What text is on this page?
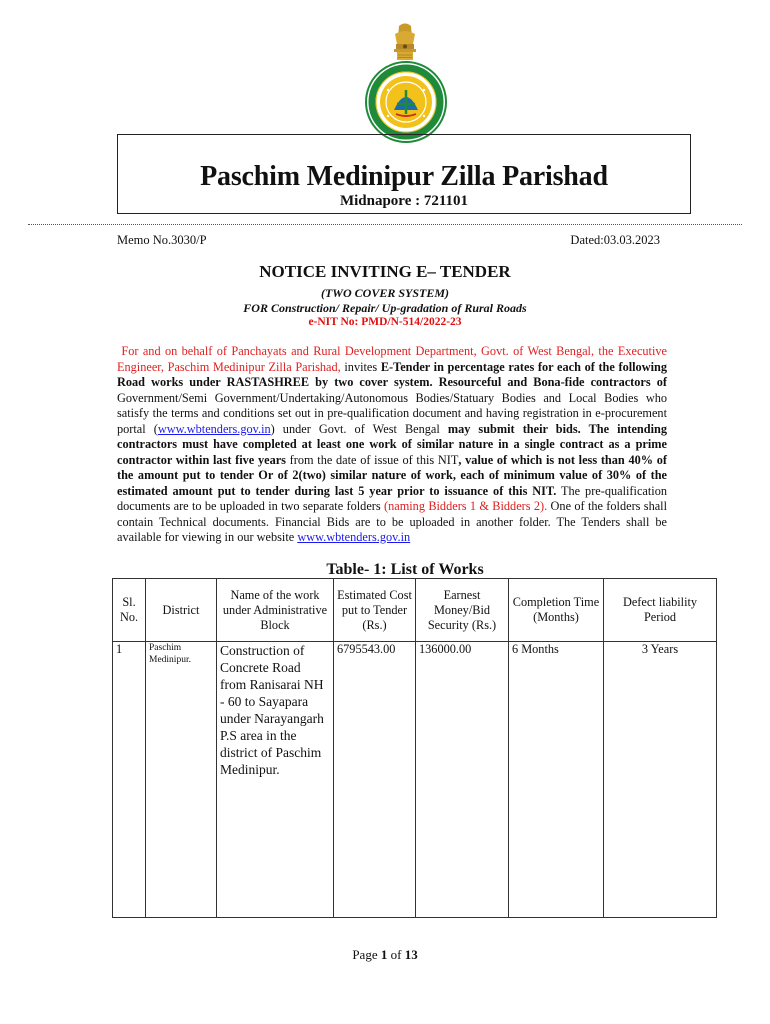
Paschim Medinipur Zilla Parishad
Midnapore : 721101
Memo No.3030/P	Dated:03.03.2023
NOTICE INVITING E– TENDER
(TWO COVER SYSTEM)
FOR Construction/ Repair/ Up-gradation of Rural Roads
e-NIT No: PMD/N-514/2022-23
For and on behalf of Panchayats and Rural Development Department, Govt. of West Bengal, the Executive Engineer, Paschim Medinipur Zilla Parishad, invites E-Tender in percentage rates for each of the following Road works under RASTASHREE by two cover system. Resourceful and Bona-fide contractors of Government/Semi Government/Undertaking/Autonomous Bodies/Statuary Bodies and Local Bodies who satisfy the terms and conditions set out in pre-qualification document and having registration in e-procurement portal (www.wbtenders.gov.in) under Govt. of West Bengal may submit their bids. The intending contractors must have completed at least one work of similar nature in a single contract as a prime contractor within last five years from the date of issue of this NIT, value of which is not less than 40% of the amount put to tender Or of 2(two) similar nature of work, each of minimum value of 30% of the estimated amount put to tender during last 5 year prior to issuance of this NIT. The pre-qualification documents are to be uploaded in two separate folders (naming Bidders 1 & Bidders 2). One of the folders shall contain Technical documents. Financial Bids are to be uploaded in another folder. The Tenders shall be available for viewing in our website www.wbtenders.gov.in
Table- 1: List of Works
Sl. No.	District	Name of the work under Administrative Block	Estimated Cost put to Tender (Rs.)	Earnest Money/Bid Security (Rs.)	Completion Time (Months)	Defect liability Period
1	Paschim Medinipur.	Construction of Concrete Road from Ranisarai NH - 60 to Sayapara under Narayangarh P.S area in the district of Paschim Medinipur.	6795543.00	136000.00	6 Months	3 Years
Page 1 of 13
